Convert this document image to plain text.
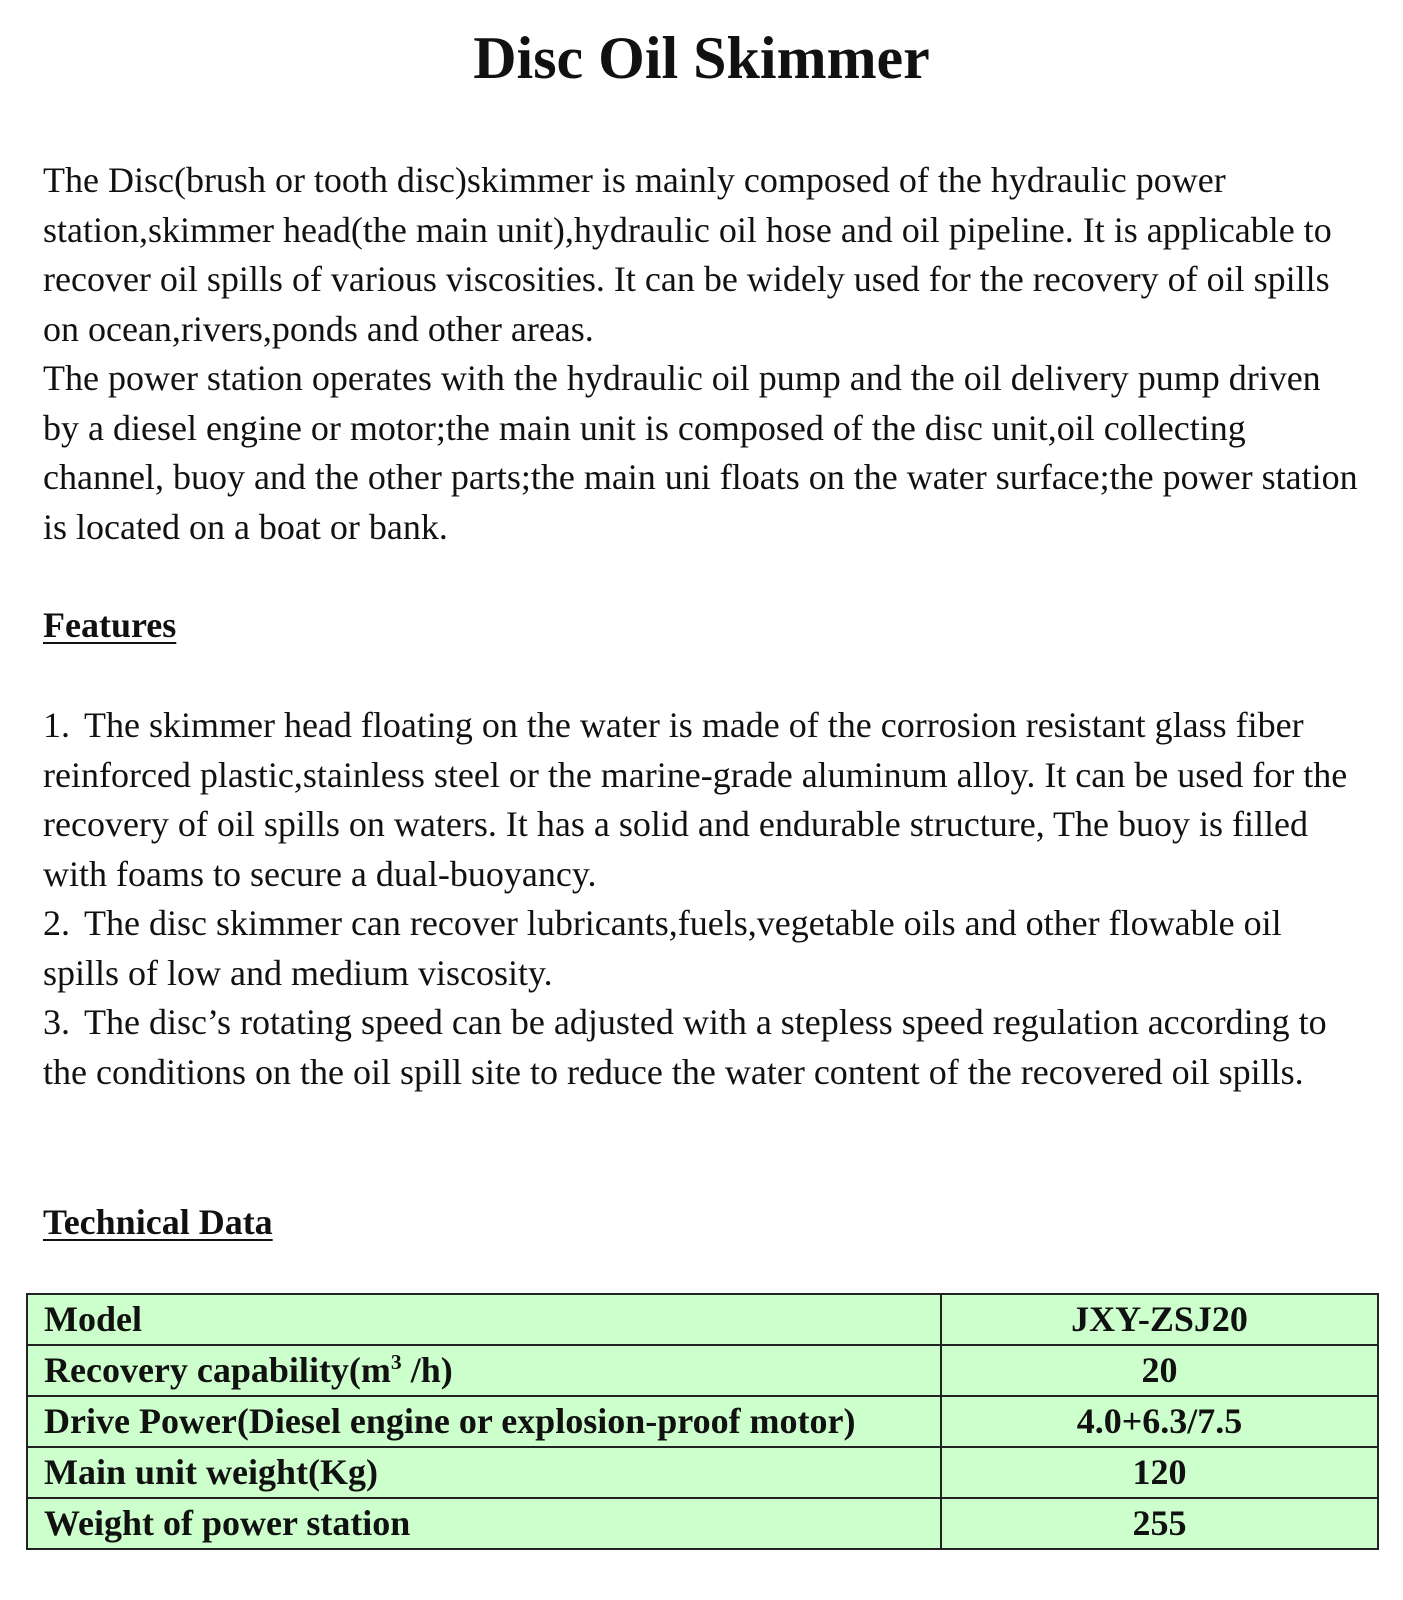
Disc Oil Skimmer

The Disc(brush or tooth disc)skimmer is mainly composed of the hydraulic power station,skimmer head(the main unit),hydraulic oil hose and oil pipeline. It is applicable to recover oil spills of various viscosities. It can be widely used for the recovery of oil spills on ocean,rivers,ponds and other areas.

The power station operates with the hydraulic oil pump and the oil delivery pump driven by a diesel engine or motor;the main unit is composed of the disc unit,oil collecting channel, buoy and the other parts;the main uni floats on the water surface;the power station is located on a boat or bank.

Features

1. The skimmer head floating on the water is made of the corrosion resistant glass fiber reinforced plastic,stainless steel or the marine-grade aluminum alloy. It can be used for the recovery of oil spills on waters. It has a solid and endurable structure, The buoy is filled with foams to secure a dual-buoyancy.

2. The disc skimmer can recover lubricants,fuels,vegetable oils and other flowable oil spills of low and medium viscosity.

3. The disc’s rotating speed can be adjusted with a stepless speed regulation according to the conditions on the oil spill site to reduce the water content of the recovered oil spills.

Technical Data
Model	JXY-ZSJ20
Recovery $capability(m^3$ /h)	20
Drive Power(Diesel engine or explosion-proof motor)	4.0+6.3/7.5
Main unit weight(Kg)	120
Weight of power station	255
